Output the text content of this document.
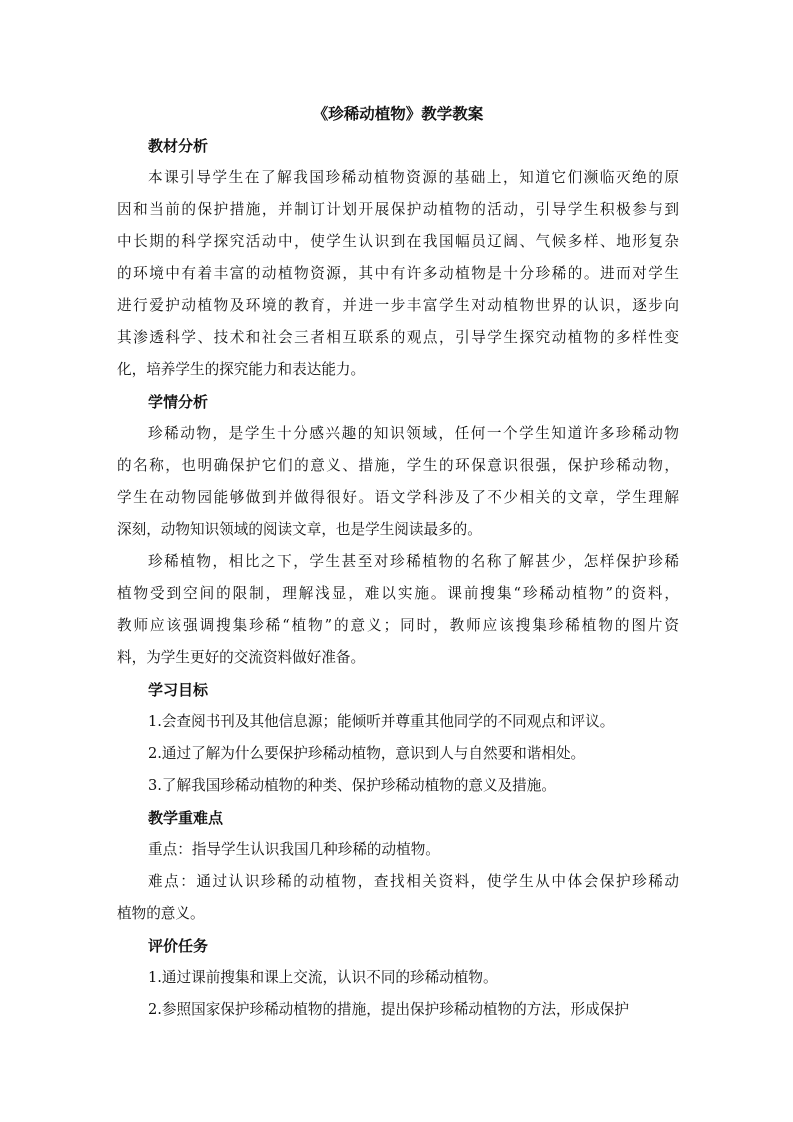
《珍稀动植物》教学教案
教材分析
本课引导学生在了解我国珍稀动植物资源的基础上，知道它们濒临灭绝的原
因和当前的保护措施，并制订计划开展保护动植物的活动，引导学生积极参与到
中长期的科学探究活动中，使学生认识到在我国幅员辽阔、气候多样、地形复杂
的环境中有着丰富的动植物资源，其中有许多动植物是十分珍稀的。进而对学生
进行爱护动植物及环境的教育，并进一步丰富学生对动植物世界的认识，逐步向
其渗透科学、技术和社会三者相互联系的观点，引导学生探究动植物的多样性变
化，培养学生的探究能力和表达能力。
学情分析
珍稀动物，是学生十分感兴趣的知识领域，任何一个学生知道许多珍稀动物
的名称，也明确保护它们的意义、措施，学生的环保意识很强，保护珍稀动物，
学生在动物园能够做到并做得很好。语文学科涉及了不少相关的文章，学生理解
深刻，动物知识领域的阅读文章，也是学生阅读最多的。
珍稀植物，相比之下，学生甚至对珍稀植物的名称了解甚少，怎样保护珍稀
植物受到空间的限制，理解浅显，难以实施。课前搜集“珍稀动植物”的资料，
教师应该强调搜集珍稀“植物”的意义；同时，教师应该搜集珍稀植物的图片资
料，为学生更好的交流资料做好准备。
学习目标

1.会查阅书刊及其他信息源；能倾听并尊重其他同学的不同观点和评议。

2.通过了解为什么要保护珍稀动植物，意识到人与自然要和谐相处。

3.了解我国珍稀动植物的种类、保护珍稀动植物的意义及措施。

教学重难点

重点：指导学生认识我国几种珍稀的动植物。

难点：通过认识珍稀的动植物，查找相关资料，使学生从中体会保护珍稀动
植物的意义。
评价任务

1.通过课前搜集和课上交流，认识不同的珍稀动植物。

2.参照国家保护珍稀动植物的措施，提出保护珍稀动植物的方法，形成保护
